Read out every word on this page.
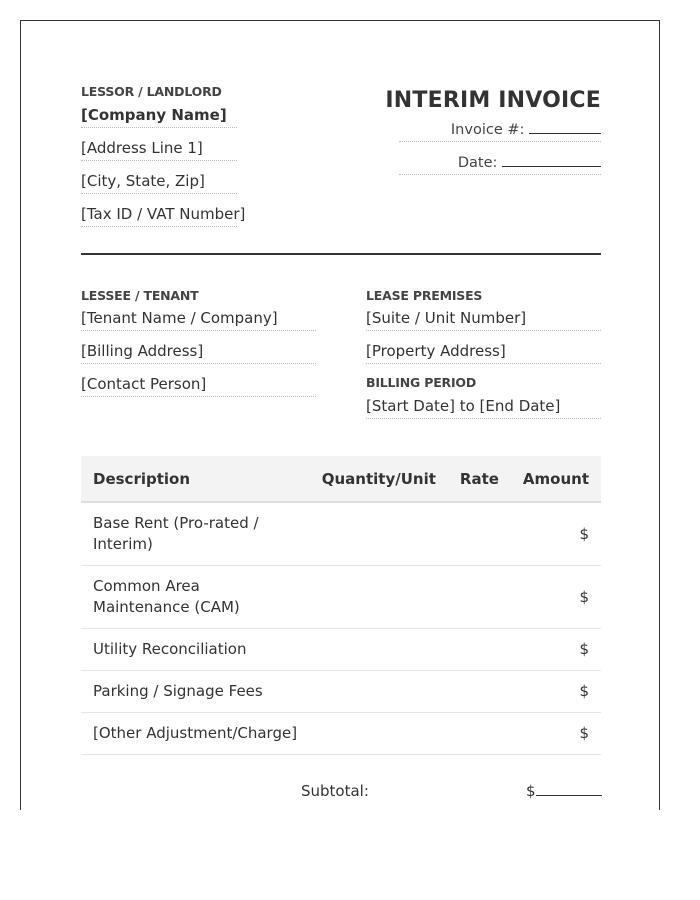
LESSOR / LANDLORD
[Company Name]
[Address Line 1]
[City, State, Zip]
[Tax ID / VAT Number]
INTERIM INVOICE
Invoice #:
Date:
LESSEE / TENANT
[Tenant Name / Company]
[Billing Address]
[Contact Person]
LEASE PREMISES
[Suite / Unit Number]
[Property Address]
BILLING PERIOD
[Start Date] to [End Date]
Description	Quantity/Unit	Rate	Amount
Base Rent (Pro-rated / Interim)			$
Common Area Maintenance (CAM)			$
Utility Reconciliation			$
Parking / Signage Fees			$
[Other Adjustment/Charge]			$
Subtotal:	$
